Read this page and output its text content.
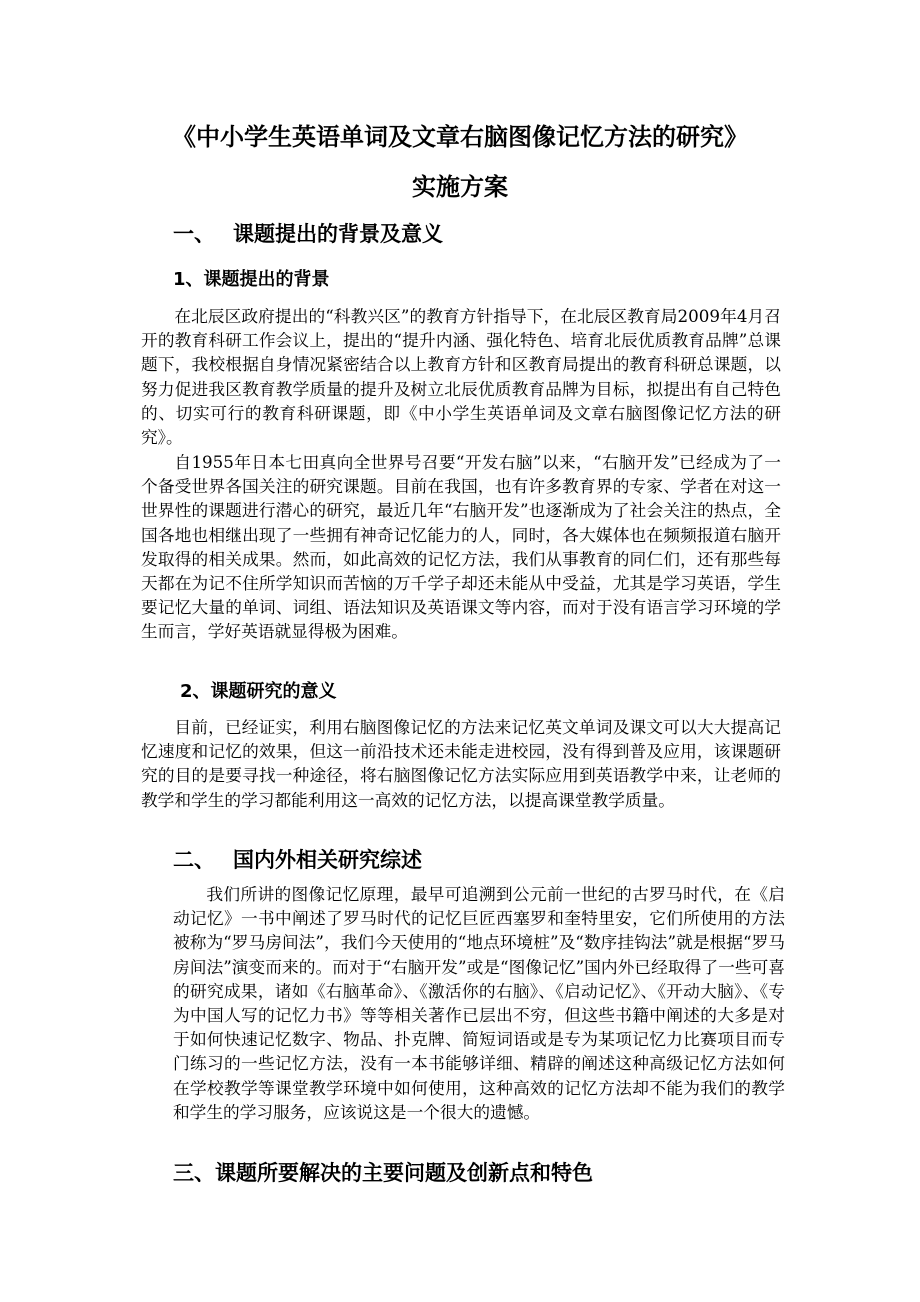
《中小学生英语单词及文章右脑图像记忆方法的研究》
实施方案
一、 课题提出的背景及意义
1、课题提出的背景
在北辰区政府提出的“科教兴区”的教育方针指导下，在北辰区教育局2009年4月召开的教育科研工作会议上，提出的“提升内涵、强化特色、培育北辰优质教育品牌”总课题下，我校根据自身情况紧密结合以上教育方针和区教育局提出的教育科研总课题，以努力促进我区教育教学质量的提升及树立北辰优质教育品牌为目标，拟提出有自己特色的、切实可行的教育科研课题，即《中小学生英语单词及文章右脑图像记忆方法的研究》。
自1955年日本七田真向全世界号召要“开发右脑”以来，“右脑开发”已经成为了一个备受世界各国关注的研究课题。目前在我国，也有许多教育界的专家、学者在对这一世界性的课题进行潜心的研究，最近几年“右脑开发”也逐渐成为了社会关注的热点，全国各地也相继出现了一些拥有神奇记忆能力的人，同时，各大媒体也在频频报道右脑开发取得的相关成果。然而，如此高效的记忆方法，我们从事教育的同仁们，还有那些每天都在为记不住所学知识而苦恼的万千学子却还未能从中受益，尤其是学习英语，学生要记忆大量的单词、词组、语法知识及英语课文等内容，而对于没有语言学习环境的学生而言，学好英语就显得极为困难。
2、课题研究的意义
目前，已经证实，利用右脑图像记忆的方法来记忆英文单词及课文可以大大提高记忆速度和记忆的效果，但这一前沿技术还未能走进校园，没有得到普及应用，该课题研究的目的是要寻找一种途径，将右脑图像记忆方法实际应用到英语教学中来，让老师的教学和学生的学习都能利用这一高效的记忆方法，以提高课堂教学质量。
二、 国内外相关研究综述
我们所讲的图像记忆原理，最早可追溯到公元前一世纪的古罗马时代，在《启动记忆》一书中阐述了罗马时代的记忆巨匠西塞罗和奎特里安，它们所使用的方法被称为“罗马房间法”，我们今天使用的“地点环境桩”及“数序挂钩法”就是根据“罗马房间法”演变而来的。而对于“右脑开发”或是“图像记忆”国内外已经取得了一些可喜的研究成果，诸如《右脑革命》、《激活你的右脑》、《启动记忆》、《开动大脑》、《专为中国人写的记忆力书》等等相关著作已层出不穷，但这些书籍中阐述的大多是对于如何快速记忆数字、物品、扑克牌、简短词语或是专为某项记忆力比赛项目而专门练习的一些记忆方法，没有一本书能够详细、精辟的阐述这种高级记忆方法如何在学校教学等课堂教学环境中如何使用，这种高效的记忆方法却不能为我们的教学和学生的学习服务，应该说这是一个很大的遗憾。
三、课题所要解决的主要问题及创新点和特色
